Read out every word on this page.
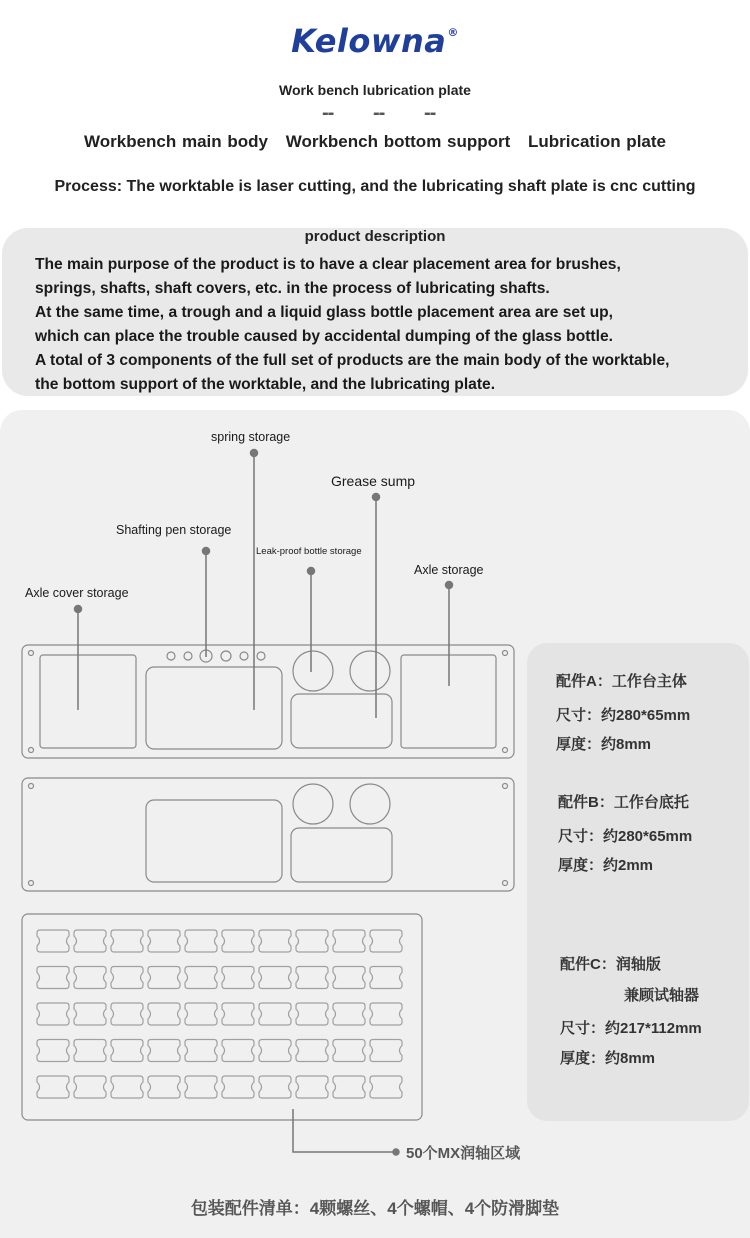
Kelowna®
Work bench lubrication plate
-- -- --
Workbench main body Workbench bottom support Lubrication plate
Process: The worktable is laser cutting, and the lubricating shaft plate is cnc cutting
product description
The main purpose of the product is to have a clear placement area for brushes,
springs, shafts, shaft covers, etc. in the process of lubricating shafts.
At the same time, a trough and a liquid glass bottle placement area are set up,
which can place the trouble caused by accidental dumping of the glass bottle.
A total of 3 components of the full set of products are the main body of the worktable,
the bottom support of the worktable, and the lubricating plate.
spring storage
Grease sump
Shafting pen storage
Leak-proof bottle storage
Axle storage
Axle cover storage
配件A：工作台主体
尺寸：约280*65mm
厚度：约8mm
配件B：工作台底托
尺寸：约280*65mm
厚度：约2mm
配件C：润轴版
兼顾试轴器
尺寸：约217*112mm
厚度：约8mm
50个MX润轴区域
包装配件清单：4颗螺丝、4个螺帽、4个防滑脚垫
